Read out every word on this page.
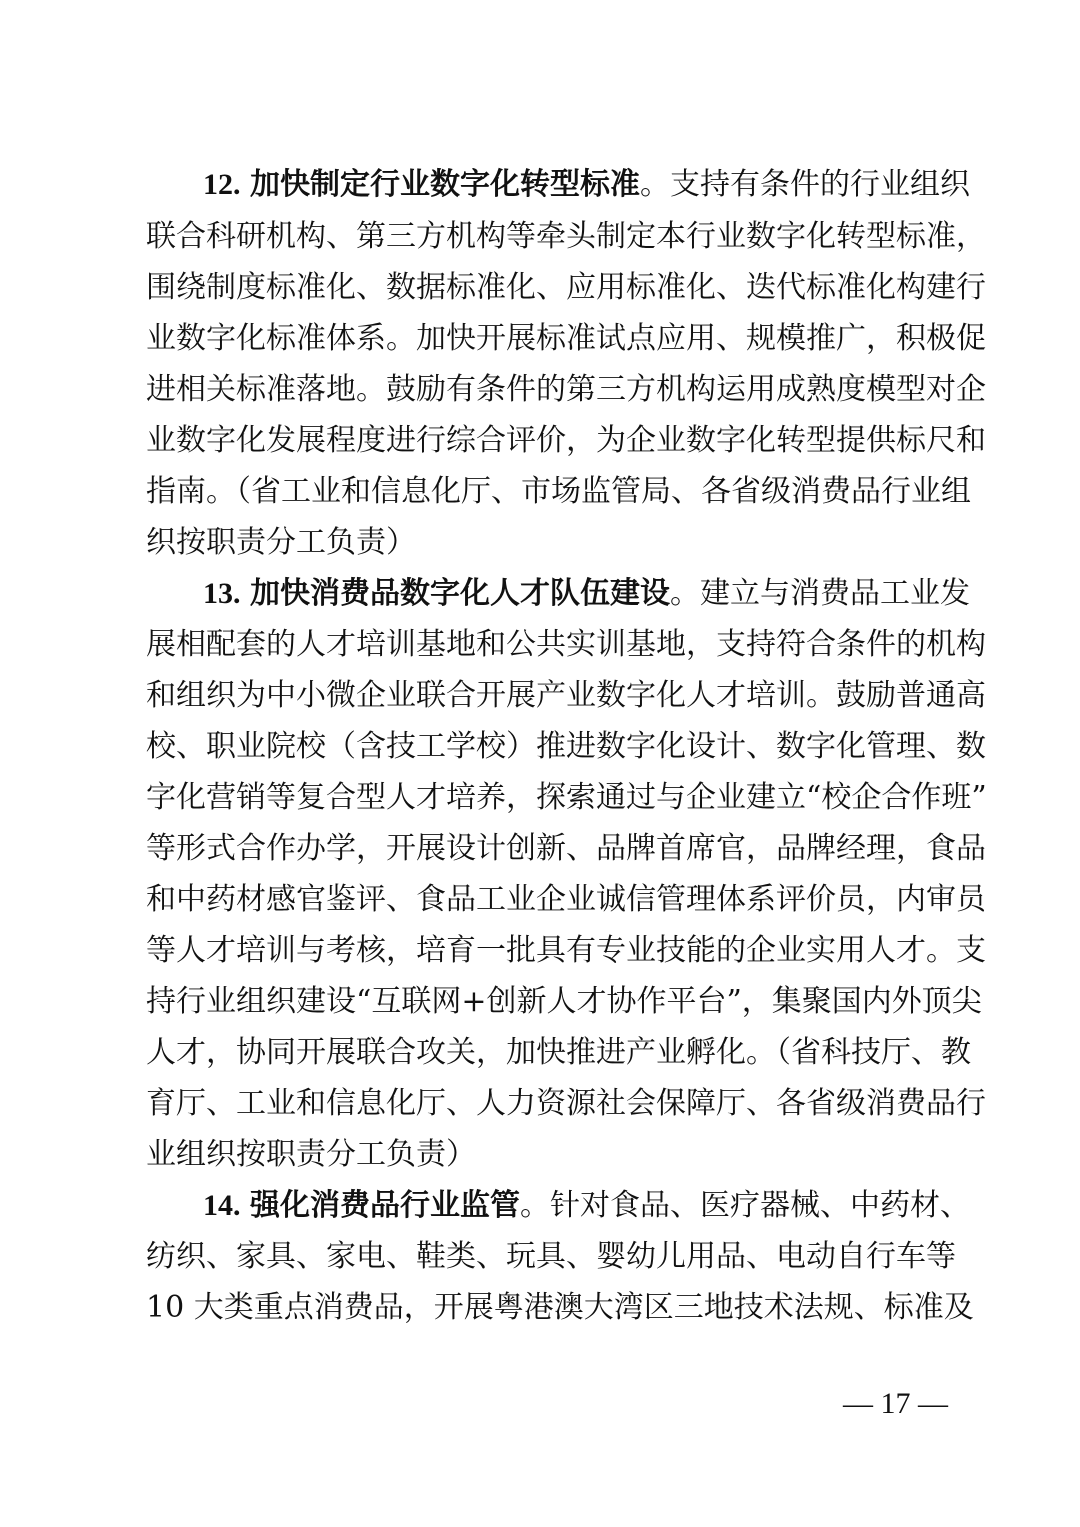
12. 加快制定行业数字化转型标准。支持有条件的行业组织
联合科研机构、第三方机构等牵头制定本行业数字化转型标准，
围绕制度标准化、数据标准化、应用标准化、迭代标准化构建行
业数字化标准体系。加快开展标准试点应用、规模推广，积极促
进相关标准落地。鼓励有条件的第三方机构运用成熟度模型对企
业数字化发展程度进行综合评价，为企业数字化转型提供标尺和
指南。（省工业和信息化厅、市场监管局、各省级消费品行业组
织按职责分工负责）
13. 加快消费品数字化人才队伍建设。建立与消费品工业发
展相配套的人才培训基地和公共实训基地，支持符合条件的机构
和组织为中小微企业联合开展产业数字化人才培训。鼓励普通高
校、职业院校（含技工学校）推进数字化设计、数字化管理、数
字化营销等复合型人才培养，探索通过与企业建立“校企合作班”
等形式合作办学，开展设计创新、品牌首席官，品牌经理，食品
和中药材感官鉴评、食品工业企业诚信管理体系评价员，内审员
等人才培训与考核，培育一批具有专业技能的企业实用人才。支
持行业组织建设“互联网+创新人才协作平台”，集聚国内外顶尖
人才，协同开展联合攻关，加快推进产业孵化。（省科技厅、教
育厅、工业和信息化厅、人力资源社会保障厅、各省级消费品行
业组织按职责分工负责）
14. 强化消费品行业监管。针对食品、医疗器械、中药材、
纺织、家具、家电、鞋类、玩具、婴幼儿用品、电动自行车等
10 大类重点消费品，开展粤港澳大湾区三地技术法规、标准及
— 17 —
